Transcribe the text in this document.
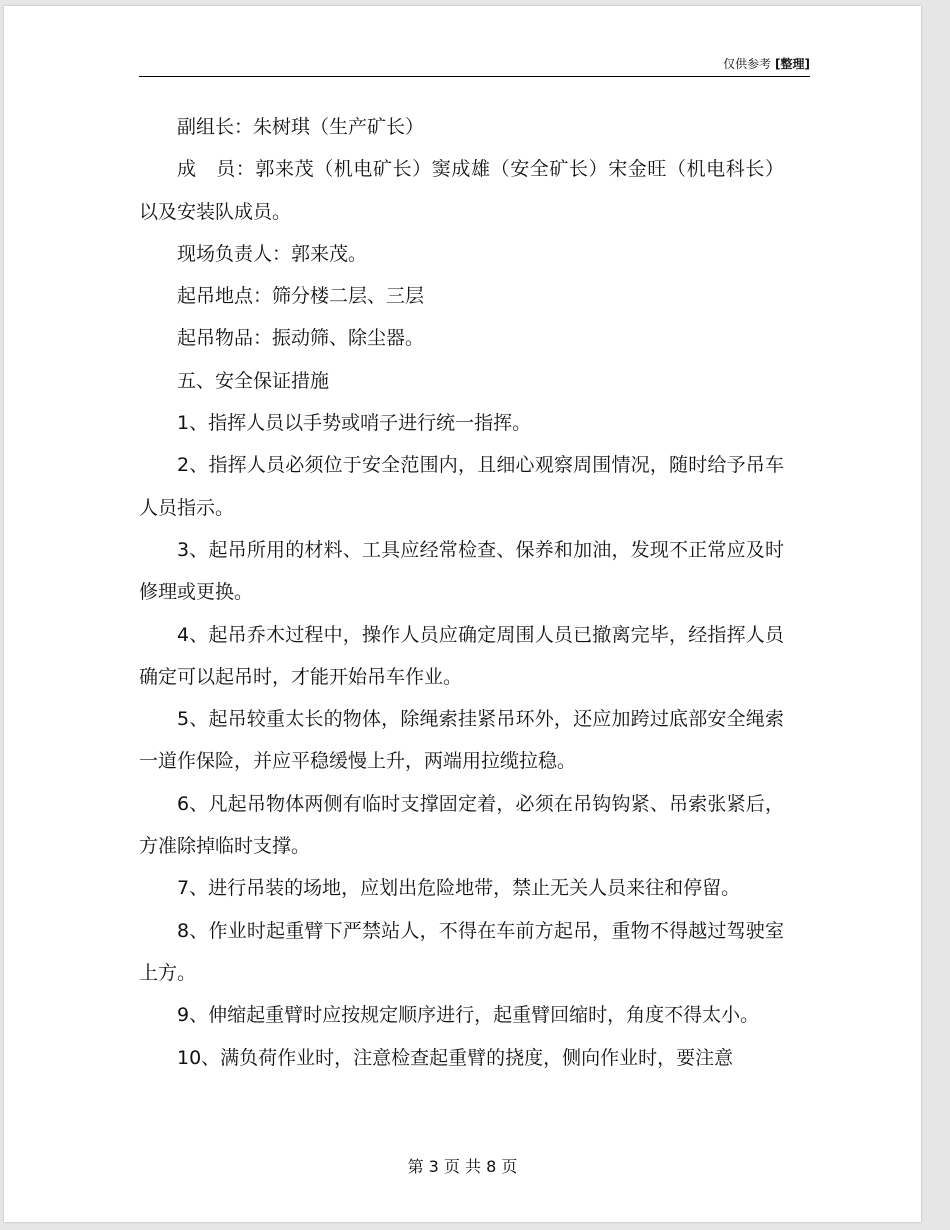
仅供参考 [整理]

副组长：朱树琪（生产矿长）

成　员：郭来茂（机电矿长）窦成雄（安全矿长）宋金旺（机电科长）以及安装队成员。

现场负责人：郭来茂。

起吊地点：筛分楼二层、三层

起吊物品：振动筛、除尘器。

五、安全保证措施

1、指挥人员以手势或哨子进行统一指挥。

2、指挥人员必须位于安全范围内，且细心观察周围情况，随时给予吊车人员指示。

3、起吊所用的材料、工具应经常检查、保养和加油，发现不正常应及时修理或更换。

4、起吊乔木过程中，操作人员应确定周围人员已撤离完毕，经指挥人员确定可以起吊时，才能开始吊车作业。

5、起吊较重太长的物体，除绳索挂紧吊环外，还应加跨过底部安全绳索一道作保险，并应平稳缓慢上升，两端用拉缆拉稳。

6、凡起吊物体两侧有临时支撑固定着，必须在吊钩钩紧、吊索张紧后，方准除掉临时支撑。

7、进行吊装的场地，应划出危险地带，禁止无关人员来往和停留。

8、作业时起重臂下严禁站人，不得在车前方起吊，重物不得越过驾驶室上方。

9、伸缩起重臂时应按规定顺序进行，起重臂回缩时，角度不得太小。

10、满负荷作业时，注意检查起重臂的挠度，侧向作业时，要注意

第 3 页 共 8 页
